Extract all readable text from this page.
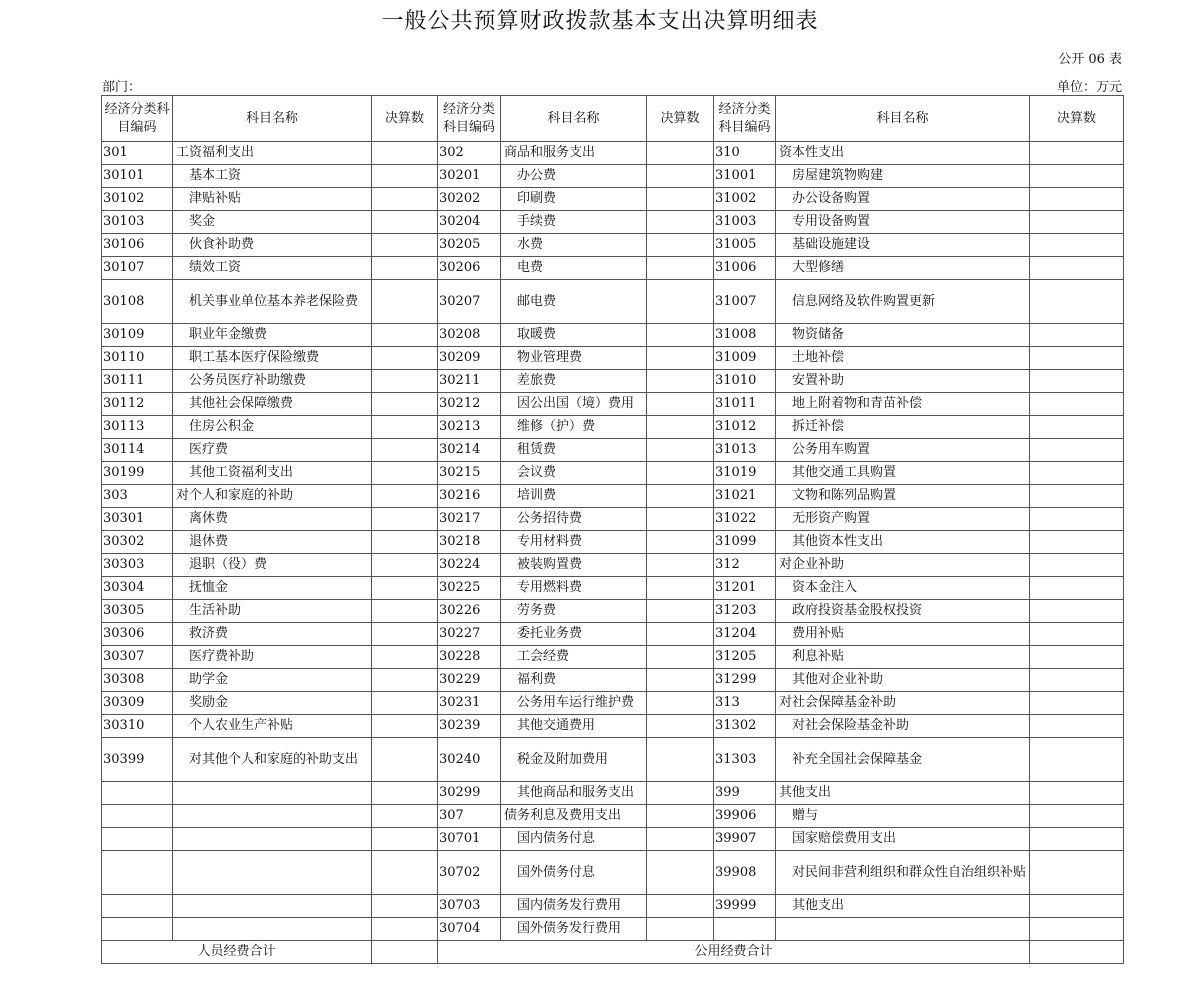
一般公共预算财政拨款基本支出决算明细表
公开 06 表
部门：	单位：万元
经济分类科目编码	科目名称	决算数	经济分类科目编码	科目名称	决算数	经济分类科目编码	科目名称	决算数
301	工资福利支出		302	商品和服务支出		310	资本性支出	
30101	基本工资		30201	办公费		31001	房屋建筑物购建	
30102	津贴补贴		30202	印刷费		31002	办公设备购置	
30103	奖金		30204	手续费		31003	专用设备购置	
30106	伙食补助费		30205	水费		31005	基础设施建设	
30107	绩效工资		30206	电费		31006	大型修缮	
30108	机关事业单位基本养老保险费		30207	邮电费		31007	信息网络及软件购置更新	
30109	职业年金缴费		30208	取暖费		31008	物资储备	
30110	职工基本医疗保险缴费		30209	物业管理费		31009	土地补偿	
30111	公务员医疗补助缴费		30211	差旅费		31010	安置补助	
30112	其他社会保障缴费		30212	因公出国（境）费用		31011	地上附着物和青苗补偿	
30113	住房公积金		30213	维修（护）费		31012	拆迁补偿	
30114	医疗费		30214	租赁费		31013	公务用车购置	
30199	其他工资福利支出		30215	会议费		31019	其他交通工具购置	
303	对个人和家庭的补助		30216	培训费		31021	文物和陈列品购置	
30301	离休费		30217	公务招待费		31022	无形资产购置	
30302	退休费		30218	专用材料费		31099	其他资本性支出	
30303	退职（役）费		30224	被装购置费		312	对企业补助	
30304	抚恤金		30225	专用燃料费		31201	资本金注入	
30305	生活补助		30226	劳务费		31203	政府投资基金股权投资	
30306	救济费		30227	委托业务费		31204	费用补贴	
30307	医疗费补助		30228	工会经费		31205	利息补贴	
30308	助学金		30229	福利费		31299	其他对企业补助	
30309	奖励金		30231	公务用车运行维护费		313	对社会保障基金补助	
30310	个人农业生产补贴		30239	其他交通费用		31302	对社会保险基金补助	
30399	对其他个人和家庭的补助支出		30240	税金及附加费用		31303	补充全国社会保障基金	
			30299	其他商品和服务支出		399	其他支出	
			307	债务利息及费用支出		39906	赠与	
			30701	国内债务付息		39907	国家赔偿费用支出	
			30702	国外债务付息		39908	对民间非营利组织和群众性自治组织补贴	
			30703	国内债务发行费用		39999	其他支出	
			30704	国外债务发行费用				
人员经费合计			公用经费合计					
